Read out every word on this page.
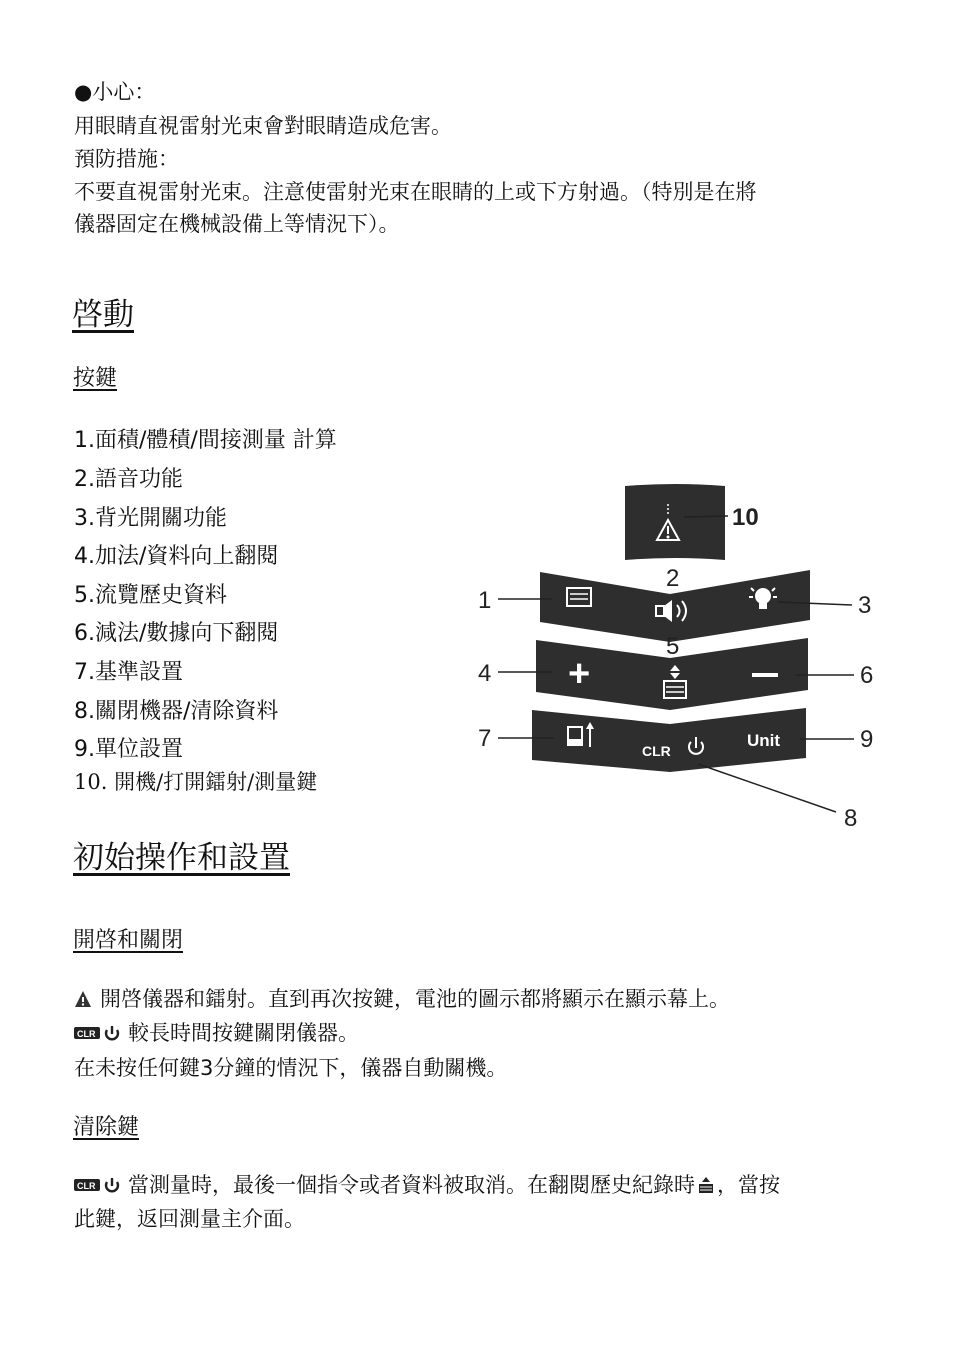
●小心：
用眼睛直視雷射光束會對眼睛造成危害。
預防措施：
不要直視雷射光束。注意使雷射光束在眼睛的上或下方射過。（特別是在將
儀器固定在機械設備上等情況下）。
啓動
按鍵
1.面積/體積/間接測量 計算
2.語音功能
3.背光開關功能
4.加法/資料向上翻閱
5.流覽歷史資料
6.減法/數據向下翻閱
7.基準設置
8.關閉機器/清除資料
9.單位設置
10. 開機/打開鐳射/測量鍵
10
1
2
3
+
4
5
6
CLR
Unit
7	9
8
初始操作和設置
開啓和關閉
開啓儀器和鐳射。直到再次按鍵，電池的圖示都將顯示在顯示幕上。
CLR 較長時間按鍵關閉儀器。
在未按任何鍵3分鐘的情況下，儀器自動關機。
清除鍵
CLR 當測量時，最後一個指令或者資料被取消。在翻閱歷史紀錄時 ，當按
此鍵，返回測量主介面。
